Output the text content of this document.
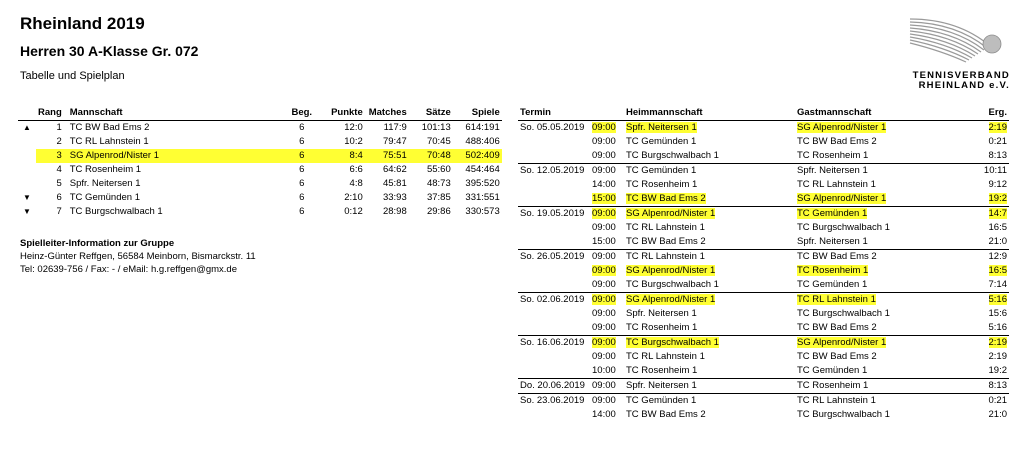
Rheinland 2019
Herren 30 A-Klasse Gr. 072
Tabelle und Spielplan	TENNISVERBAND
RHEINLAND e.V.
	Rang	Mannschaft	Beg.	Punkte	Matches	Sätze	Spiele
▲	1	TC BW Bad Ems 2	6	12:0	117:9	101:13	614:191
	2	TC RL Lahnstein 1	6	10:2	79:47	70:45	488:406
	3	SG Alpenrod/Nister 1	6	8:4	75:51	70:48	502:409
	4	TC Rosenheim 1	6	6:6	64:62	55:60	454:464
	5	Spfr. Neitersen 1	6	4:8	45:81	48:73	395:520
▼	6	TC Gemünden 1	6	2:10	33:93	37:85	331:551
▼	7	TC Burgschwalbach 1	6	0:12	28:98	29:86	330:573
Spielleiter-Information zur Gruppe
Heinz-Günter Reffgen, 56584 Meinborn, Bismarckstr. 11
Tel: 02639-756 / Fax: - / eMail: h.g.reffgen@gmx.de
Termin		Heimmannschaft	Gastmannschaft	Erg.
So. 05.05.2019	09:00	Spfr. Neitersen 1	SG Alpenrod/Nister 1	2:19
	09:00	TC Gemünden 1	TC BW Bad Ems 2	0:21
	09:00	TC Burgschwalbach 1	TC Rosenheim 1	8:13
So. 12.05.2019	09:00	TC Gemünden 1	Spfr. Neitersen 1	10:11
	14:00	TC Rosenheim 1	TC RL Lahnstein 1	9:12
	15:00	TC BW Bad Ems 2	SG Alpenrod/Nister 1	19:2
So. 19.05.2019	09:00	SG Alpenrod/Nister 1	TC Gemünden 1	14:7
	09:00	TC RL Lahnstein 1	TC Burgschwalbach 1	16:5
	15:00	TC BW Bad Ems 2	Spfr. Neitersen 1	21:0
So. 26.05.2019	09:00	TC RL Lahnstein 1	TC BW Bad Ems 2	12:9
	09:00	SG Alpenrod/Nister 1	TC Rosenheim 1	16:5
	09:00	TC Burgschwalbach 1	TC Gemünden 1	7:14
So. 02.06.2019	09:00	SG Alpenrod/Nister 1	TC RL Lahnstein 1	5:16
	09:00	Spfr. Neitersen 1	TC Burgschwalbach 1	15:6
	09:00	TC Rosenheim 1	TC BW Bad Ems 2	5:16
So. 16.06.2019	09:00	TC Burgschwalbach 1	SG Alpenrod/Nister 1	2:19
	09:00	TC RL Lahnstein 1	TC BW Bad Ems 2	2:19
	10:00	TC Rosenheim 1	TC Gemünden 1	19:2
Do. 20.06.2019	09:00	Spfr. Neitersen 1	TC Rosenheim 1	8:13
So. 23.06.2019	09:00	TC Gemünden 1	TC RL Lahnstein 1	0:21
	14:00	TC BW Bad Ems 2	TC Burgschwalbach 1	21:0
